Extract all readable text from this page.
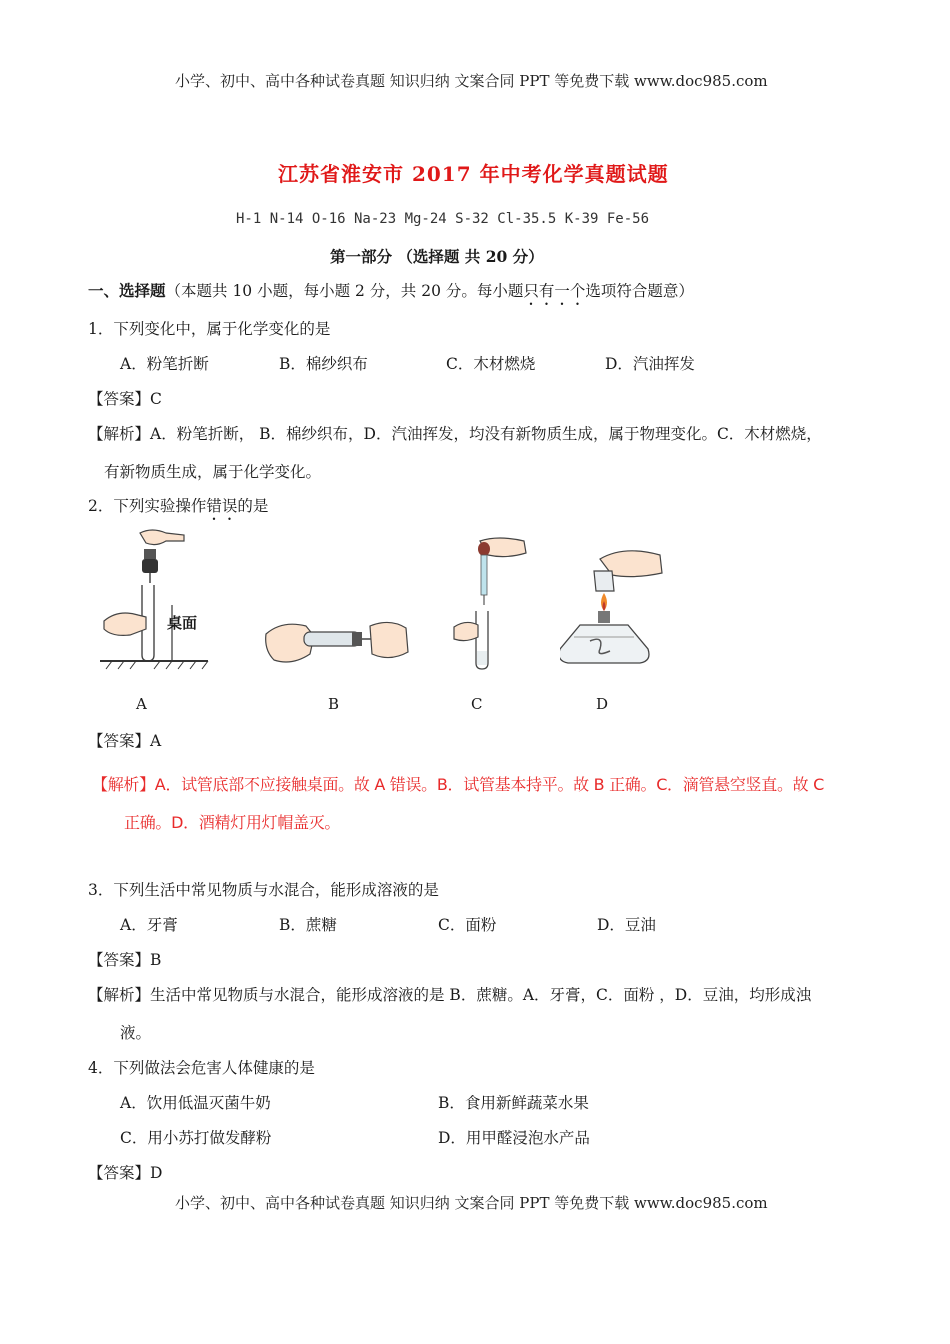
小学、初中、高中各种试卷真题 知识归纳 文案合同 PPT 等免费下载 www.doc985.com
江苏省淮安市 2017 年中考化学真题试题
H-1 N-14 O-16 Na-23 Mg-24 S-32 Cl-35.5 K-39 Fe-56
第一部分 （选择题 共 20 分）
一、选择题（本题共 10 小题，每小题 2 分，共 20 分。每小题只有一个选项符合题意）
1．下列变化中，属于化学变化的是
A．粉笔折断	B．棉纱织布	C．木材燃烧	D．汽油挥发
【答案】C
【解析】A．粉笔折断， B．棉纱织布，D．汽油挥发，均没有新物质生成，属于物理变化。C．木材燃烧，
有新物质生成，属于化学变化。
2．下列实验操作错误的是
桌面
A	B	C	D
【答案】A
【解析】A．试管底部不应接触桌面。故 A 错误。B．试管基本持平。故 B 正确。C．滴管悬空竖直。故 C
正确。D．酒精灯用灯帽盖灭。
3．下列生活中常见物质与水混合，能形成溶液的是
A．牙膏	B．蔗糖	C．面粉	D．豆油
【答案】B
【解析】生活中常见物质与水混合，能形成溶液的是 B．蔗糖。A．牙膏，C．面粉 ，D．豆油，均形成浊
液。
4．下列做法会危害人体健康的是
A．饮用低温灭菌牛奶	B．食用新鲜蔬菜水果
C．用小苏打做发酵粉	D．用甲醛浸泡水产品
【答案】D
小学、初中、高中各种试卷真题 知识归纳 文案合同 PPT 等免费下载 www.doc985.com
